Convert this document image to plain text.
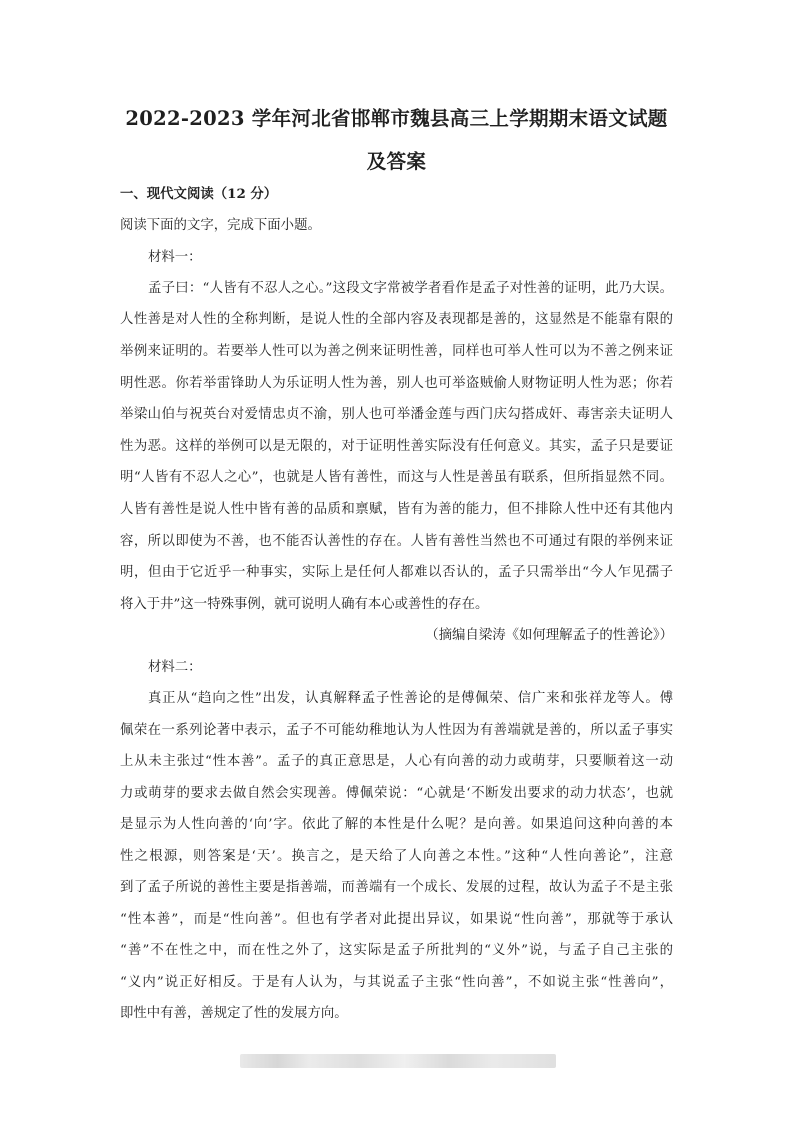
2022-2023 学年河北省邯郸市魏县高三上学期期末语文试题
及答案
一、现代文阅读（12 分）
阅读下面的文字，完成下面小题。
材料一：
孟子曰：“人皆有不忍人之心。”这段文字常被学者看作是孟子对性善的证明，此乃大误。
人性善是对人性的全称判断，是说人性的全部内容及表现都是善的，这显然是不能靠有限的
举例来证明的。若要举人性可以为善之例来证明性善，同样也可举人性可以为不善之例来证
明性恶。你若举雷锋助人为乐证明人性为善，别人也可举盗贼偷人财物证明人性为恶；你若
举梁山伯与祝英台对爱情忠贞不渝，别人也可举潘金莲与西门庆勾搭成奸、毒害亲夫证明人
性为恶。这样的举例可以是无限的，对于证明性善实际没有任何意义。其实，孟子只是要证
明“人皆有不忍人之心”，也就是人皆有善性，而这与人性是善虽有联系，但所指显然不同。
人皆有善性是说人性中皆有善的品质和禀赋，皆有为善的能力，但不排除人性中还有其他内
容，所以即使为不善，也不能否认善性的存在。人皆有善性当然也不可通过有限的举例来证
明，但由于它近乎一种事实，实际上是任何人都难以否认的，孟子只需举出“今人乍见孺子
将入于井”这一特殊事例，就可说明人确有本心或善性的存在。
（摘编自梁涛《如何理解孟子的性善论》）
材料二：
真正从“趋向之性”出发，认真解释孟子性善论的是傅佩荣、信广来和张祥龙等人。傅
佩荣在一系列论著中表示，孟子不可能幼稚地认为人性因为有善端就是善的，所以孟子事实
上从未主张过“性本善”。孟子的真正意思是，人心有向善的动力或萌芽，只要顺着这一动
力或萌芽的要求去做自然会实现善。傅佩荣说：“心就是‘不断发出要求的动力状态’，也就
是显示为人性向善的‘向’字。依此了解的本性是什么呢？是向善。如果追问这种向善的本
性之根源，则答案是‘天’。换言之，是天给了人向善之本性。”这种“人性向善论”，注意
到了孟子所说的善性主要是指善端，而善端有一个成长、发展的过程，故认为孟子不是主张
“性本善”，而是“性向善”。但也有学者对此提出异议，如果说“性向善”，那就等于承认
“善”不在性之中，而在性之外了，这实际是孟子所批判的“义外”说，与孟子自己主张的
“义内”说正好相反。于是有人认为，与其说孟子主张“性向善”，不如说主张“性善向”，
即性中有善，善规定了性的发展方向。
